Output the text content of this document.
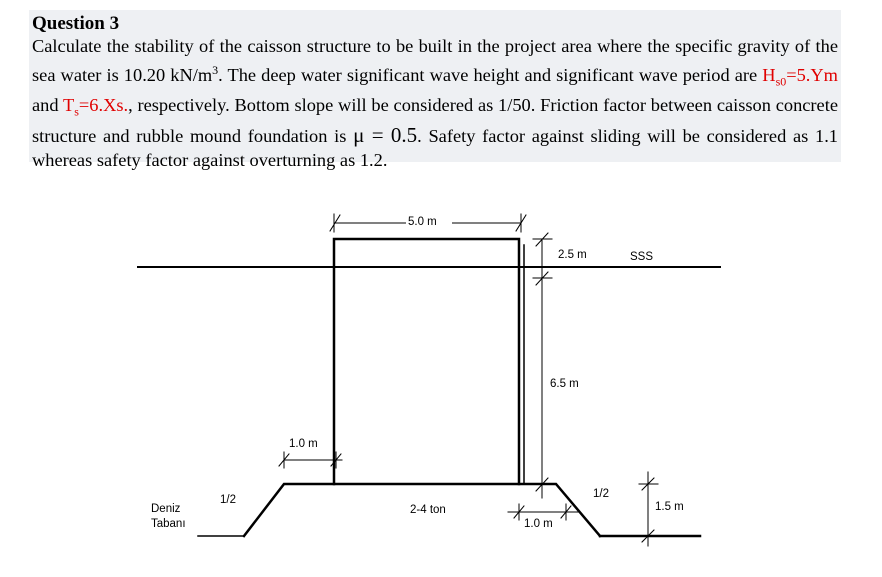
Question 3

Calculate the stability of the caisson structure to be built in the project area where the specific gravity of the sea water is 10.20 $kN/m^3$. The deep water significant wave height and significant wave period are $H_{s0}=5.Ym$ and $T_s=6.Xs$., respectively. Bottom slope will be considered as 1/50. Friction factor between caisson concrete structure and rubble mound foundation is μ = 0.5. Safety factor against sliding will be considered as 1.1 whereas safety factor against overturning as 1.2.

5.0 m
2.5 m	SSS
6.5 m
1.0 m
1/2	1/2
Deniz
Tabanı
2-4 ton
1.0 m
1.5 m
